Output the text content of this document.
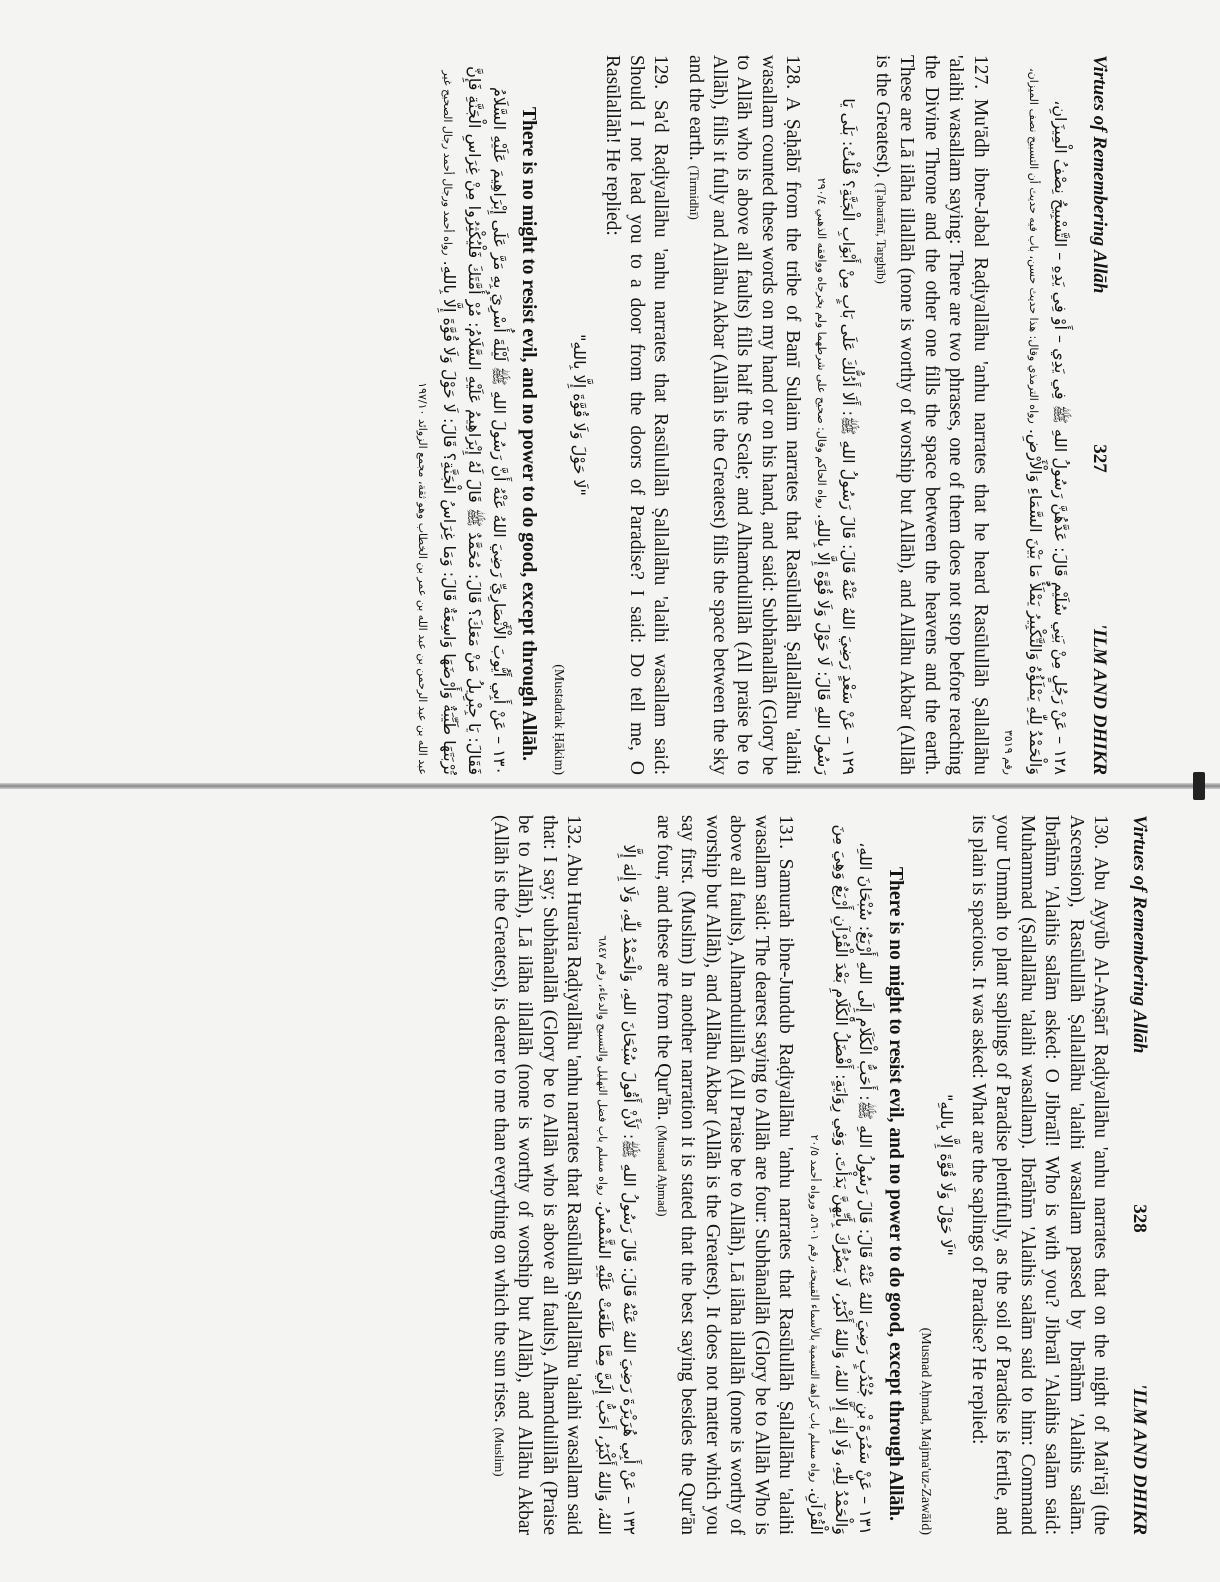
Virtues of Remembering Allāh
327
'ILM AND DHIKR

١٢٨ – عَنْ رَجُلٍ مِنْ بَنِي سُلَيْمٍ قَالَ: عَدَّهُنَّ رَسُولُ اللهِ ﷺ فِي يَدِي – أَوْ فِي يَدِهِ – التَّسْبِيحُ نِصْفُ الْمِيزَانِ، وَالْحَمْدُ لِلّٰهِ يَمْلَؤُهُ وَالتَّكْبِيرُ يَمْلَأُ مَا بَيْنَ السَّمَاءِ وَالْأَرْضِ. رواه الترمذي وقال: هذا حديث حسن، باب فيه حديث أن التسبيح نصف الميزان، رقم ٣٥١٩

127. Mu'ādh ibne-Jabal Raḍiyallāhu 'anhu narrates that he heard Rasūlullāh Ṣallallāhu 'alaihi wasallam saying: There are two phrases, one of them does not stop before reaching the Divine Throne and the other one fills the space between the heavens and the earth. These are Lā ilāha illallāh (none is worthy of worship but Allāh), and Allāhu Akbar (Allāh is the Greatest). (Ṭabarānī, Targhīb)

١٢٩ – عَنْ سَعْدٍ رَضِيَ اللهُ عَنْهُ قَالَ: قَالَ رَسُولُ اللهِ ﷺ: أَلَا أَدُلُّكَ عَلَى بَابٍ مِنْ أَبْوَابِ الْجَنَّةِ؟ قُلْتُ: بَلَى يَا رَسُولَ اللهِ قَالَ: لَا حَوْلَ وَلَا قُوَّةَ إِلَّا بِاللهِ. رواه الحاكم وقال: صحيح على شرطهما ولم يخرجاه ووافقه الذهبي ٢٩٠/٤

128. A Ṣaḥābī from the tribe of Banī Sulaim narrates that Rasūlullāh Ṣallallāhu 'alaihi wasallam counted these words on my hand or on his hand, and said: Subhānallāh (Glory be to Allāh who is above all faults) fills half the Scale; and Alhamdulillāh (All praise be to Allāh), fills it fully and Allāhu Akbar (Allāh is the Greatest) fills the space between the sky and the earth. (Tirmidhī)

129. Sa'd Raḍiyallāhu 'anhu narrates that Rasūlullāh Ṣallallāhu 'alaihi wasallam said: Should I not lead you to a door from the doors of Paradise? I said: Do tell me, O Rasūlallāh! He replied:

"لَا حَوْلَ وَلَا قُوَّةَ إِلَّا بِاللهِ"

(Mustadrak Ḥākim)

There is no might to resist evil, and no power to do good, except through Allāh.

١٣٠ – عَنْ أَبِي أَيُّوبَ الْأَنْصَارِيِّ رَضِيَ اللهُ عَنْهُ أَنَّ رَسُولَ اللهِ ﷺ لَيْلَةَ أُسْرِيَ بِهِ مَرَّ عَلَى إِبْرَاهِيمَ عَلَيْهِ السَّلَامُ فَقَالَ: يَا جِبْرِيلُ مَنْ مَعَكَ؟ قَالَ: مُحَمَّدٌ ﷺ قَالَ لَهُ إِبْرَاهِيمُ عَلَيْهِ السَّلَامُ: مُرْ أُمَّتَكَ فَلْيُكْثِرُوا مِنْ غِرَاسِ الْجَنَّةِ فَإِنَّ تُرْبَتَهَا طَيِّبَةٌ وَأَرْضَهَا وَاسِعَةٌ قَالَ: وَمَا غِرَاسُ الْجَنَّةِ؟ قَالَ: لَا حَوْلَ وَلَا قُوَّةَ إِلَّا بِاللهِ. رواه أحمد ورجال أحمد رجال الصحيح غير عبد الله بن عبد الرحمن بن عبد الله بن عمر بن الخطاب وهو ثقة، مجمع الزوائد ١٩٧/١٠

Virtues of Remembering Allāh
328
'ILM AND DHIKR

130. Abu Ayyūb Al-Anṣārī Raḍiyallāhu 'anhu narrates that on the night of Mai'rāj (the Ascension), Rasūlullāh Ṣallallāhu 'alaihi wasallam passed by Ibrāhīm 'Alaihis salām. Ibrāhīm 'Alaihis salām asked: O Jibraīl! Who is with you? Jibraīl 'Alaihis salām said: Muhammad (Ṣallallāhu 'alaihi wasallam). Ibrāhīm 'Alaihis salām said to him: Command your Ummah to plant saplings of Paradise plentifully, as the soil of Paradise is fertile, and its plain is spacious. It was asked: What are the saplings of Paradise? He replied:

"لَا حَوْلَ وَلَا قُوَّةَ إِلَّا بِاللهِ"

(Musnad Aḥmad, Majma'uz-Zawāid)

There is no might to resist evil, and no power to do good, except through Allāh.

١٣١ – عَنْ سَمُرَةَ بْنِ جُنْدُبٍ رَضِيَ اللهُ عَنْهُ قَالَ: قَالَ رَسُولُ اللهِ ﷺ: أَحَبُّ الْكَلَامِ إِلَى اللهِ أَرْبَعٌ: سُبْحَانَ اللهِ، وَالْحَمْدُ لِلّٰهِ، وَلَا إِلٰهَ إِلَّا اللهُ، وَاللهُ أَكْبَرُ، لَا يَضُرُّكَ بِأَيِّهِنَّ بَدَأْتَ. وَفِي رِوَايَةٍ: أَفْضَلُ الْكَلَامِ بَعْدَ الْقُرْآنِ أَرْبَعٌ وَهِيَ مِنَ الْقُرْآنِ. رواه مسلم باب كراهة التسمية بالأسماء القبيحة، رقم ٥٦٠١، ورواه أحمد ٢٠/٥

131. Samurah ibne-Jundub Raḍiyallāhu 'anhu narrates that Rasūlullāh Ṣallallāhu 'alaihi wasallam said: The dearest saying to Allāh are four: Subhānallāh (Glory be to Allāh Who is above all faults), Alhamdulillāh (All Praise be to Allāh), Lā ilāha illallāh (none is worthy of worship but Allāh), and Allāhu Akbar (Allāh is the Greatest). It does not matter which you say first. (Muslim) In another narration it is stated that the best saying besides the Qur'ān are four, and these are from the Qur'ān. (Musnad Aḥmad)

١٣٢ – عَنْ أَبِي هُرَيْرَةَ رَضِيَ اللهُ عَنْهُ قَالَ: قَالَ رَسُولُ اللهِ ﷺ: لَأَنْ أَقُولَ سُبْحَانَ اللهِ، وَالْحَمْدُ لِلّٰهِ، وَلَا إِلٰهَ إِلَّا اللهُ، وَاللهُ أَكْبَرُ، أَحَبُّ إِلَيَّ مِمَّا طَلَعَتْ عَلَيْهِ الشَّمْسُ. رواه مسلم باب فضل التهليل والتسبيح والدعاء، رقم ٦٨٤٧

132. Abu Huraira Raḍiyallāhu 'anhu narrates that Rasūlullāh Ṣallallāhu 'alaihi wasallam said that: I say; Subhānallāh (Glory be to Allāh who is above all faults), Alhamdulillāh (Praise be to Allāh), Lā ilāha illallāh (none is worthy of worship but Allāh), and Allāhu Akbar (Allāh is the Greatest), is dearer to me than everything on which the sun rises. (Muslim)
